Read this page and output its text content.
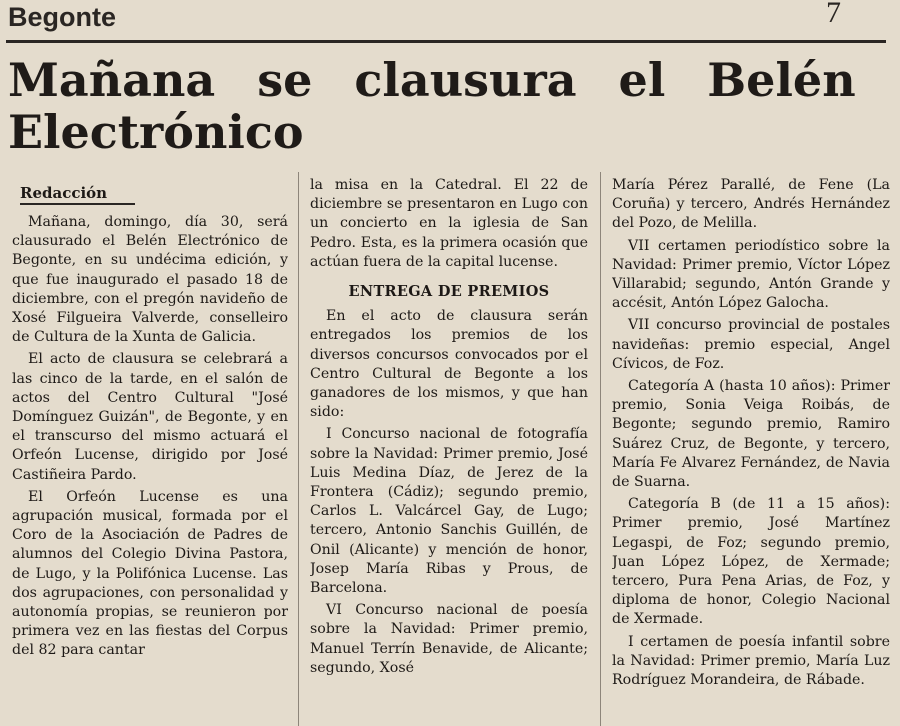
Begonte	7
Mañana se clausura el Belén
Electrónico
Redacción

Mañana, domingo, día 30, será clausurado el Belén Electrónico de Begonte, en su undécima edición, y que fue inaugurado el pasado 18 de diciembre, con el pregón navideño de Xosé Filgueira Valverde, conselleiro de Cultura de la Xunta de Galicia.

El acto de clausura se celebrará a las cinco de la tarde, en el salón de actos del Centro Cultural "José Domínguez Guizán", de Begonte, y en el transcurso del mismo actuará el Orfeón Lucense, dirigido por José Castiñeira Pardo.

El Orfeón Lucense es una agrupación musical, formada por el Coro de la Asociación de Padres de alumnos del Colegio Divina Pastora, de Lugo, y la Polifónica Lucense. Las dos agrupaciones, con personalidad y autonomía propias, se reunieron por primera vez en las fiestas del Corpus del 82 para cantar

la misa en la Catedral. El 22 de diciembre se presentaron en Lugo con un concierto en la iglesia de San Pedro. Esta, es la primera ocasión que actúan fuera de la capital lucense.

ENTREGA DE PREMIOS

En el acto de clausura serán entregados los premios de los diversos concursos convocados por el Centro Cultural de Begonte a los ganadores de los mismos, y que han sido:

I Concurso nacional de fotografía sobre la Navidad: Primer premio, José Luis Medina Díaz, de Jerez de la Frontera (Cádiz); segundo premio, Carlos L. Valcárcel Gay, de Lugo; tercero, Antonio Sanchis Guillén, de Onil (Alicante) y mención de honor, Josep María Ribas y Prous, de Barcelona.

VI Concurso nacional de poesía sobre la Navidad: Primer premio, Manuel Terrín Benavide, de Alicante; segundo, Xosé

María Pérez Parallé, de Fene (La Coruña) y tercero, Andrés Hernández del Pozo, de Melilla.

VII certamen periodístico sobre la Navidad: Primer premio, Víctor López Villarabid; segundo, Antón Grande y accésit, Antón López Galocha.

VII concurso provincial de postales navideñas: premio especial, Angel Cívicos, de Foz.

Categoría A (hasta 10 años): Primer premio, Sonia Veiga Roibás, de Begonte; segundo premio, Ramiro Suárez Cruz, de Begonte, y tercero, María Fe Alvarez Fernández, de Navia de Suarna.

Categoría B (de 11 a 15 años): Primer premio, José Martínez Legaspi, de Foz; segundo premio, Juan López López, de Xermade; tercero, Pura Pena Arias, de Foz, y diploma de honor, Colegio Nacional de Xermade.

I certamen de poesía infantil sobre la Navidad: Primer premio, María Luz Rodríguez Morandeira, de Rábade.
